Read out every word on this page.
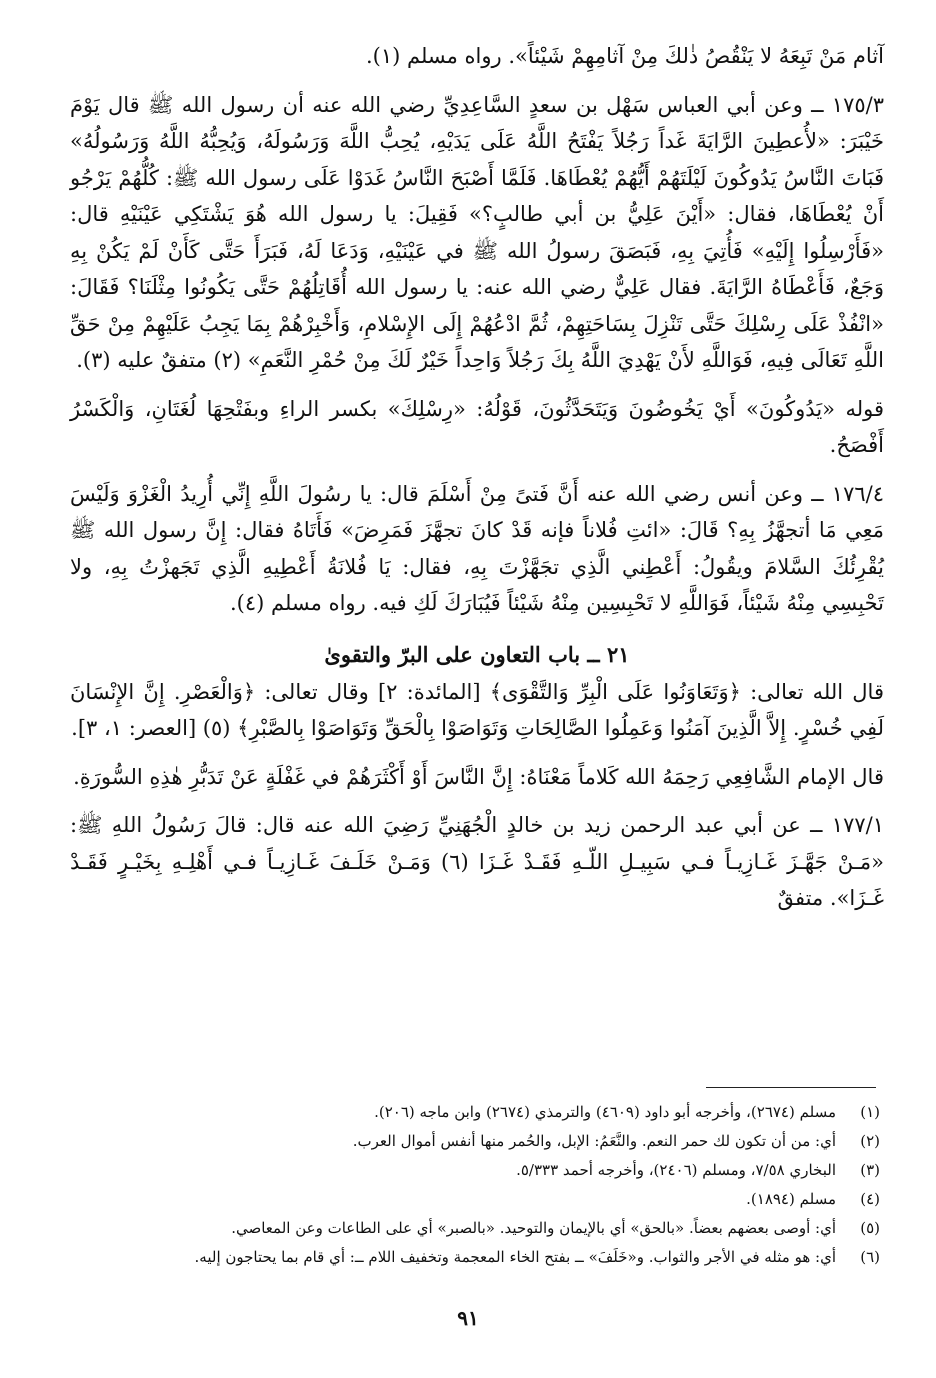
آثام مَنْ تَبِعَهُ لا يَنْقُصُ ذٰلكَ مِنْ آثامِهِمْ شَيْئاً». رواه مسلم (١).

١٧٥/٣ ــ وعن أبي العباس سَهْل بن سعدٍ السَّاعِدِيِّ رضي الله عنه أن رسول الله ﷺ قال يَوْمَ خَيْبَرَ: «لأُعطِينَ الرَّايَةَ غَداً رَجُلاً يَفْتَحُ اللَّهُ عَلَى يَدَيْهِ، يُحِبُّ اللَّهَ وَرَسُولَهُ، وَيُحِبُّهُ اللَّهُ وَرَسُولُهُ» فَبَاتَ النَّاسُ يَدُوكُونَ لَيْلَتَهُمْ أَيُّهُمْ يُعْطَاهَا. فَلَمَّا أَصْبَحَ النَّاسُ غَدَوْا عَلَى رسول الله ﷺ: كُلُّهُمْ يَرْجُو أَنْ يُعْطَاهَا، فقال: «أَيْنَ عَلِيُّ بن أبي طالبٍ؟» فَقِيلَ: يا رسول الله هُوَ يَشْتَكِي عَيْنَيْهِ قال: «فَأَرْسِلُوا إِلَيْهِ» فَأُتِيَ بِهِ، فَبَصَقَ رسولُ الله ﷺ في عَيْنَيْهِ، وَدَعَا لَهُ، فَبَرَأَ حَتَّى كَأَنْ لَمْ يَكُنْ بِهِ وَجَعٌ، فَأَعْطَاهُ الرَّايَةَ. فقال عَلِيٌّ رضي الله عنه: يا رسول الله أُقَاتِلُهُمْ حَتَّى يَكُونُوا مِثْلَنَا؟ فَقَالَ: «انْفُذْ عَلَى رِسْلِكَ حَتَّى تَنْزِلَ بِسَاحَتِهِمْ، ثُمَّ ادْعُهُمْ إِلَى الإِسْلامِ، وَأَخْبِرْهُمْ بِمَا يَجِبُ عَلَيْهِمْ مِنْ حَقِّ اللَّهِ تَعَالَى فِيهِ، فَوَاللَّهِ لأَنْ يَهْدِيَ اللَّهُ بِكَ رَجُلاً وَاحِداً خَيْرٌ لَكَ مِنْ حُمْرِ النَّعَمِ» (٢) متفقٌ عليه (٣).

قوله «يَدُوكُونَ» أَيْ يَخُوضُونَ وَيَتَحَدَّثُونَ، قَوْلُهُ: «رِسْلِكَ» بكسر الراءِ وبفَتْحِهَا لُغَتَانِ، وَالْكَسْرُ أَفْصَحُ.

١٧٦/٤ ــ وعن أنس رضي الله عنه أَنَّ فَتىً مِنْ أَسْلَمَ قال: يا رسُولَ اللَّهِ إِنِّي أُرِيدُ الْغَزْوَ وَلَيْسَ مَعِي مَا أتجهَّزُ بِهِ؟ قَالَ: «ائتِ فُلاناً فإنه قَدْ كانَ تجهَّزَ فَمَرِضَ» فَأَتَاهُ فقال: إِنَّ رسول الله ﷺ يُقْرِئُكَ السَّلامَ ويقُولُ: أَعْطِني الَّذِي تجَهَّزْتَ بِهِ، فقال: يَا فُلانَةُ أَعْطِيهِ الَّذِي تَجَهزْتُ بِهِ، ولا تَحْبِسِي مِنْهُ شَيْئاً، فَوَاللَّهِ لا تَحْبِسِين مِنْهُ شَيْئاً فَيُبَارَكَ لَكِ فيه. رواه مسلم (٤).

٢١ ــ باب التعاون على البرّ والتقوىٰ

قال الله تعالى: ﴿وَتَعَاوَنُوا عَلَى الْبِرِّ وَالتَّقْوَى﴾ [المائدة: ٢] وقال تعالى: ﴿وَالْعَصْرِ. إِنَّ الإِنْسَانَ لَفِي خُسْرٍ. إِلاَّ الَّذِينَ آمَنُوا وَعَمِلُوا الصَّالِحَاتِ وَتَوَاصَوْا بِالْحَقِّ وَتَوَاصَوْا بِالصَّبْرِ﴾ (٥) [العصر: ١، ٣].

قال الإمام الشَّافِعِي رَحِمَهُ الله كَلاماً مَعْنَاهُ: إِنَّ النَّاسَ أَوْ أَكْثَرَهُمْ في غَفْلَةٍ عَنْ تَدَبُّرِ هٰذِهِ السُّورَةِ.

١٧٧/١ ــ عن أبي عبد الرحمن زيد بن خالدٍ الْجُهَنِيِّ رَضِيَ الله عنه قال: قالَ رَسُولُ اللهِ ﷺ: «مَـنْ جَهَّـزَ غَـازِيـاً فـي سَبِيـلِ اللّـهِ فَقَـدْ غَـزَا (٦) وَمَـنْ خَلَـفَ غَـازِيـاً فـي أَهْلِـهِ بِخَيْـرٍ فَقَـدْ غَـزَا». متفقٌ

(١)
مسلم (٢٦٧٤)، وأخرجه أبو داود (٤٦٠٩) والترمذي (٢٦٧٤) وابن ماجه (٢٠٦).
(٢)
أي: من أن تكون لك حمر النعم. والنَّعَمُ: الإبل، والحُمر منها أنفس أموال العرب.
(٣)
البخاري ٧/٥٨، ومسلم (٢٤٠٦)، وأخرجه أحمد ٥/٣٣٣.
(٤)
مسلم (١٨٩٤).
(٥)
أي: أوصى بعضهم بعضاً. «بالحق» أي بالإيمان والتوحيد. «بالصبر» أي على الطاعات وعن المعاصي.
(٦)
أي: هو مثله في الأجر والثواب. و«خَلَفَ» ــ بفتح الخاء المعجمة وتخفيف اللام ــ: أي قام بما يحتاجون إليه.
٩١
